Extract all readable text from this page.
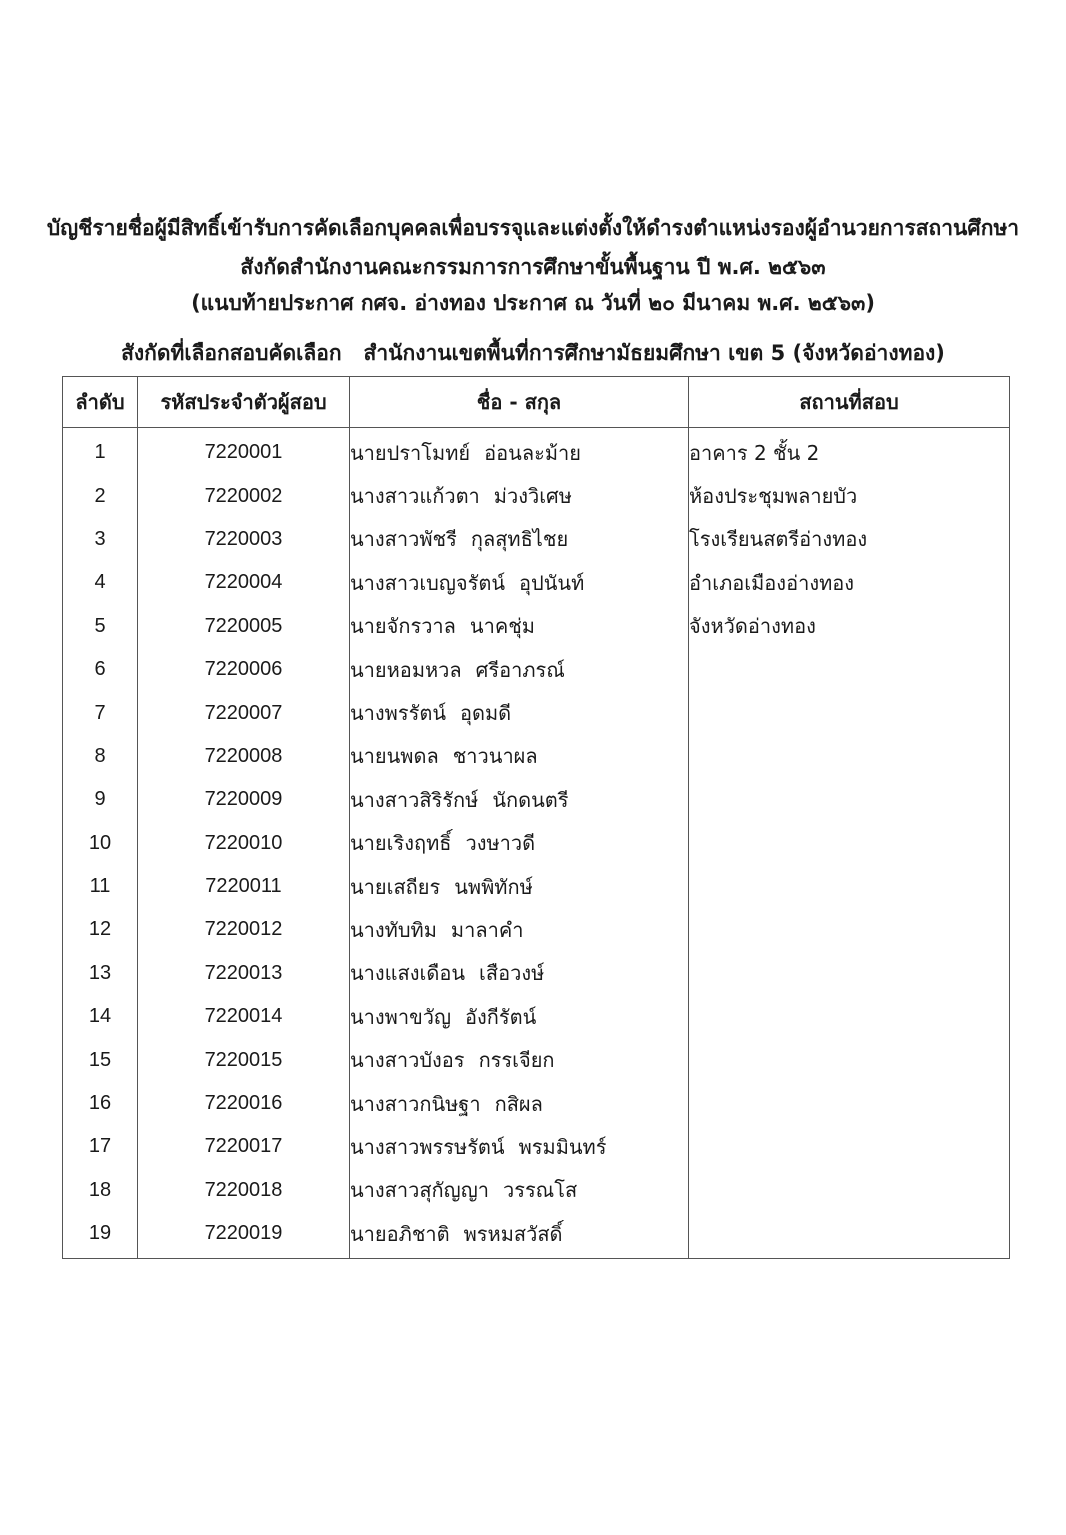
บัญชีรายชื่อผู้มีสิทธิ์เข้ารับการคัดเลือกบุคคลเพื่อบรรจุและแต่งตั้งให้ดำรงตำแหน่งรองผู้อำนวยการสถานศึกษา
สังกัดสำนักงานคณะกรรมการการศึกษาขั้นพื้นฐาน ปี พ.ศ. ๒๕๖๓
(แนบท้ายประกาศ กศจ. อ่างทอง ประกาศ ณ วันที่ ๒๐ มีนาคม พ.ศ. ๒๕๖๓)
สังกัดที่เลือกสอบคัดเลือก สำนักงานเขตพื้นที่การศึกษามัธยมศึกษา เขต 5 (จังหวัดอ่างทอง)
ลำดับ	รหัสประจำตัวผู้สอบ	ชื่อ - สกุล	สถานที่สอบ
1	7220001	นายปราโมทย์ อ่อนละม้าย	อาคาร 2 ชั้น 2
2	7220002	นางสาวแก้วตา ม่วงวิเศษ	ห้องประชุมพลายบัว
3	7220003	นางสาวพัชรี กุลสุทธิไชย	โรงเรียนสตรีอ่างทอง
4	7220004	นางสาวเบญจรัตน์ อุปนันท์	อำเภอเมืองอ่างทอง
5	7220005	นายจักรวาล นาคชุ่ม	จังหวัดอ่างทอง
6	7220006	นายหอมหวล ศรีอาภรณ์	
7	7220007	นางพรรัตน์ อุดมดี	
8	7220008	นายนพดล ชาวนาผล	
9	7220009	นางสาวสิริรักษ์ นักดนตรี	
10	7220010	นายเริงฤทธิ์ วงษาวดี	
11	7220011	นายเสถียร นพพิทักษ์	
12	7220012	นางทับทิม มาลาคำ	
13	7220013	นางแสงเดือน เสือวงษ์	
14	7220014	นางพาขวัญ อังกีรัตน์	
15	7220015	นางสาวบังอร กรรเจียก	
16	7220016	นางสาวกนิษฐา กสิผล	
17	7220017	นางสาวพรรษรัตน์ พรมมินทร์	
18	7220018	นางสาวสุกัญญา วรรณโส	
19	7220019	นายอภิชาติ พรหมสวัสดิ์	
